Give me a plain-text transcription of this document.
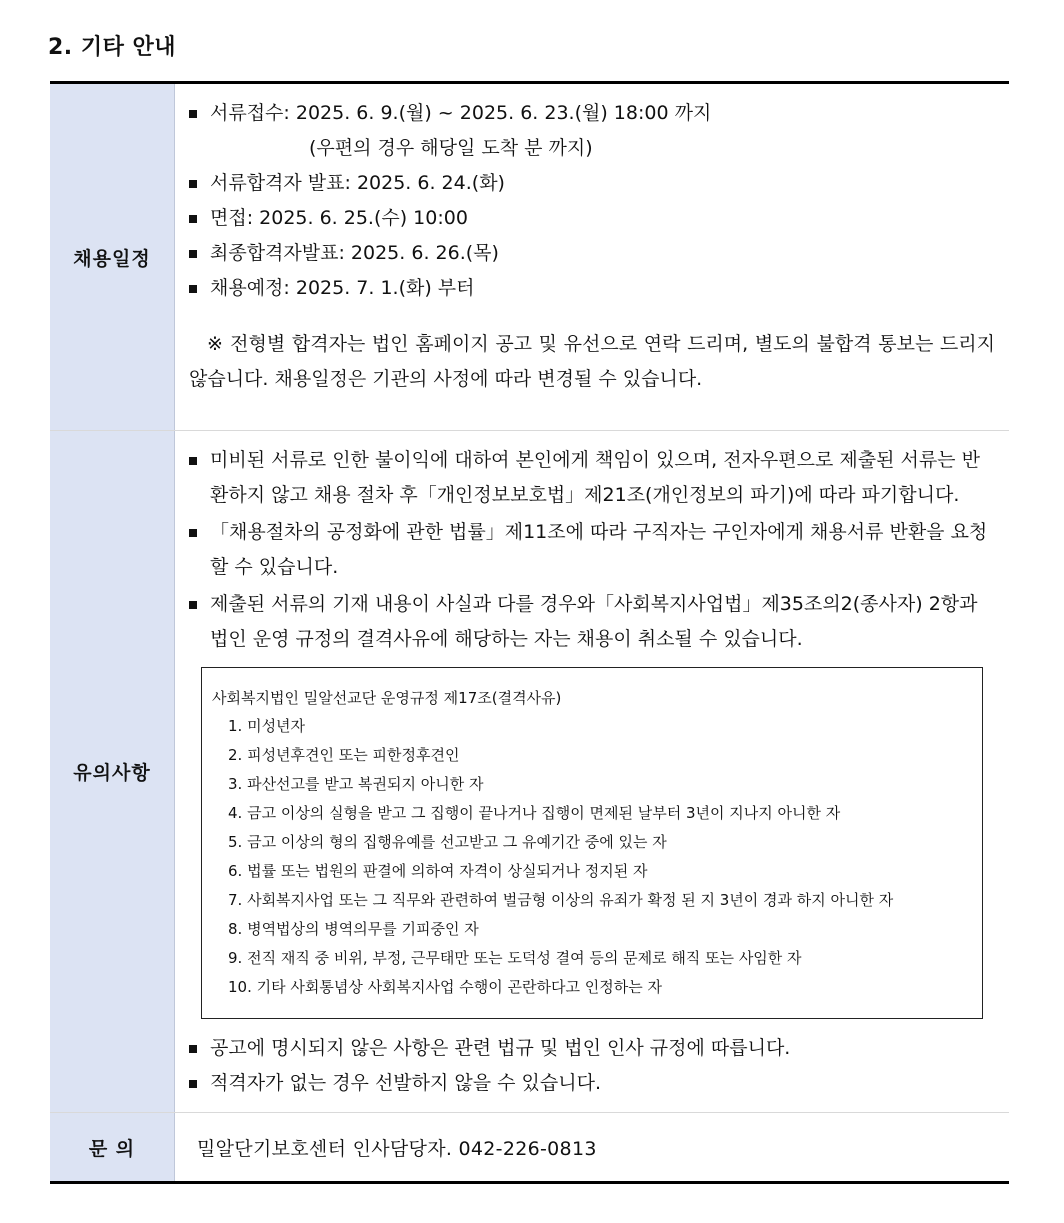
2. 기타 안내
채용일정
서류접수: 2025. 6. 9.(월) ~ 2025. 6. 23.(월) 18:00 까지
(우편의 경우 해당일 도착 분 까지)
서류합격자 발표: 2025. 6. 24.(화)
면접: 2025. 6. 25.(수) 10:00
최종합격자발표: 2025. 6. 26.(목)
채용예정: 2025. 7. 1.(화) 부터
※ 전형별 합격자는 법인 홈페이지 공고 및 유선으로 연락 드리며, 별도의 불합격 통보는 드리지 않습니다. 채용일정은 기관의 사정에 따라 변경될 수 있습니다.
유의사항
미비된 서류로 인한 불이익에 대하여 본인에게 책임이 있으며, 전자우편으로 제출된 서류는 반환하지 않고 채용 절차 후「개인정보보호법」제21조(개인정보의 파기)에 따라 파기합니다.
「채용절차의 공정화에 관한 법률」제11조에 따라 구직자는 구인자에게 채용서류 반환을 요청할 수 있습니다.
제출된 서류의 기재 내용이 사실과 다를 경우와「사회복지사업법」제35조의2(종사자) 2항과 법인 운영 규정의 결격사유에 해당하는 자는 채용이 취소될 수 있습니다.
사회복지법인 밀알선교단 운영규정 제17조(결격사유)
1. 미성년자
2. 피성년후견인 또는 피한정후견인
3. 파산선고를 받고 복권되지 아니한 자
4. 금고 이상의 실형을 받고 그 집행이 끝나거나 집행이 면제된 날부터 3년이 지나지 아니한 자
5. 금고 이상의 형의 집행유예를 선고받고 그 유예기간 중에 있는 자
6. 법률 또는 법원의 판결에 의하여 자격이 상실되거나 정지된 자
7. 사회복지사업 또는 그 직무와 관련하여 벌금형 이상의 유죄가 확정 된 지 3년이 경과 하지 아니한 자
8. 병역법상의 병역의무를 기피중인 자
9. 전직 재직 중 비위, 부정, 근무태만 또는 도덕성 결여 등의 문제로 해직 또는 사임한 자
10. 기타 사회통념상 사회복지사업 수행이 곤란하다고 인정하는 자
공고에 명시되지 않은 사항은 관련 법규 및 법인 인사 규정에 따릅니다.
적격자가 없는 경우 선발하지 않을 수 있습니다.
문 의	밀알단기보호센터 인사담당자. 042-226-0813
